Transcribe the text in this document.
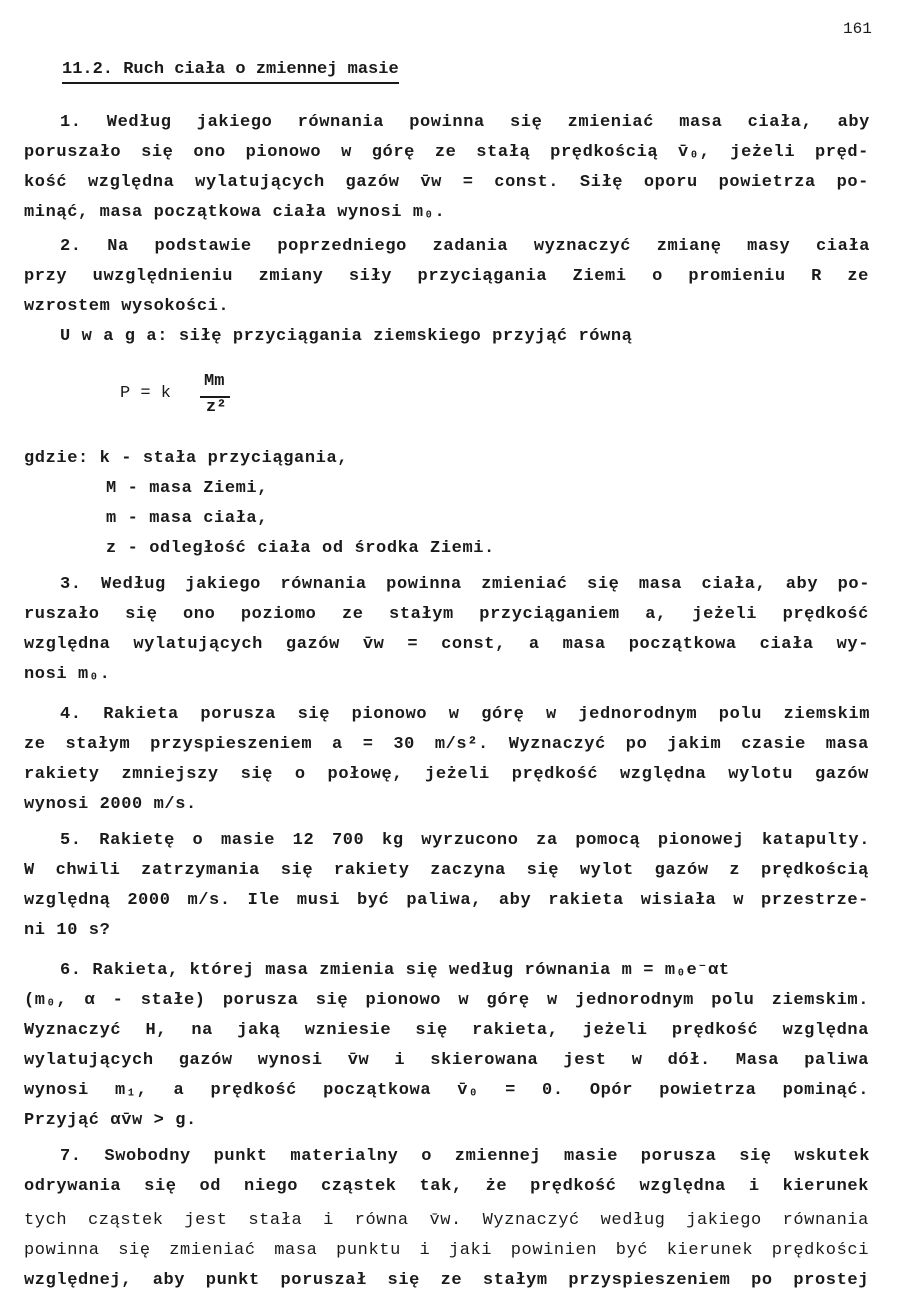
161
11.2. Ruch ciała o zmiennej masie
1. Według jakiego równania powinna się zmieniać masa ciała, aby
poruszało się ono pionowo w górę ze stałą prędkością v̄₀, jeżeli pręd-
kość względna wylatujących gazów v̄w = const. Siłę oporu powietrza po-
minąć, masa początkowa ciała wynosi m₀.
2. Na podstawie poprzedniego zadania wyznaczyć zmianę masy ciała
przy uwzględnieniu zmiany siły przyciągania Ziemi o promieniu R ze
wzrostem wysokości.
U w a g a: siłę przyciągania ziemskiego przyjąć równą
P = k
Mm
z²
gdzie: k - stała przyciągania,
M - masa Ziemi,
m - masa ciała,
z - odległość ciała od środka Ziemi.
3. Według jakiego równania powinna zmieniać się masa ciała, aby po-
ruszało się ono poziomo ze stałym przyciąganiem a, jeżeli prędkość
względna wylatujących gazów v̄w = const, a masa początkowa ciała wy-
nosi m₀.
4. Rakieta porusza się pionowo w górę w jednorodnym polu ziemskim
ze stałym przyspieszeniem a = 30 m/s². Wyznaczyć po jakim czasie masa
rakiety zmniejszy się o połowę, jeżeli prędkość względna wylotu gazów
wynosi 2000 m/s.
5. Rakietę o masie 12 700 kg wyrzucono za pomocą pionowej katapulty.
W chwili zatrzymania się rakiety zaczyna się wylot gazów z prędkością
względną 2000 m/s. Ile musi być paliwa, aby rakieta wisiała w przestrze-
ni 10 s?
6. Rakieta, której masa zmienia się według równania m = m₀e⁻αt
(m₀, α - stałe) porusza się pionowo w górę w jednorodnym polu ziemskim.
Wyznaczyć H, na jaką wzniesie się rakieta, jeżeli prędkość względna
wylatujących gazów wynosi v̄w i skierowana jest w dół. Masa paliwa
wynosi m₁, a prędkość początkowa v̄₀ = 0. Opór powietrza pominąć.
Przyjąć αv̄w > g.
7. Swobodny punkt materialny o zmiennej masie porusza się wskutek
odrywania się od niego cząstek tak, że prędkość względna i kierunek
tych cząstek jest stała i równa v̄w. Wyznaczyć według jakiego równania
powinna się zmieniać masa punktu i jaki powinien być kierunek prędkości
względnej, aby punkt poruszał się ze stałym przyspieszeniem po prostej
